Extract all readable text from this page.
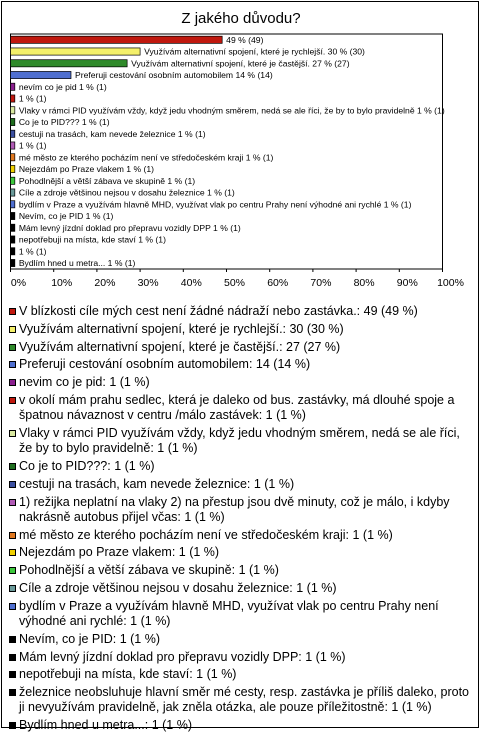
Z jakého důvodu?
49 % (49)
Využívám alternativní spojení, které je rychlejší. 30 % (30)
Využívám alternativní spojení, které je častější. 27 % (27)
Preferuji cestování osobním automobilem 14 % (14)
nevím co je pid 1 % (1)
1 % (1)
Vlaky v rámci PID využívám vždy, když jedu vhodným směrem, nedá se ale říci, že by to bylo pravidelně 1 % (1)
Co je to PID??? 1 % (1)
cestuji na trasách, kam nevede železnice 1 % (1)
1 % (1)
mé město ze kterého pocházím není ve středočeském kraji 1 % (1)
Nejezdám po Praze vlakem 1 % (1)
Pohodlnější a větší zábava ve skupině 1 % (1)
Cíle a zdroje většinou nejsou v dosahu železnice 1 % (1)
bydlím v Praze a využívám hlavně MHD, využívat vlak po centru Prahy není výhodné ani rychlé 1 % (1)
Nevím, co je PID 1 % (1)
Mám levný jízdní doklad pro přepravu vozidly DPP 1 % (1)
nepotřebuji na místa, kde staví 1 % (1)
1 % (1)
Bydlím hned u metra... 1 % (1)
0% 10% 20% 30% 40% 50% 60% 70% 80% 90% 100%
V blízkosti cíle mých cest není žádné nádraží nebo zastávka.: 49 (49 %)
Využívám alternativní spojení, které je rychlejší.: 30 (30 %)
Využívám alternativní spojení, které je častější.: 27 (27 %)
Preferuji cestování osobním automobilem: 14 (14 %)
nevim co je pid: 1 (1 %)
v okolí mám prahu sedlec, která je daleko od bus. zastávky, má dlouhé spoje a špatnou návaznost v centru /málo zastávek: 1 (1 %)
Vlaky v rámci PID využívám vždy, když jedu vhodným směrem, nedá se ale říci, že by to bylo pravidelně: 1 (1 %)
Co je to PID???: 1 (1 %)
cestuji na trasách, kam nevede železnice: 1 (1 %)
1) režijka neplatní na vlaky 2) na přestup jsou dvě minuty, což je málo, i kdyby nakrásně autobus přijel včas: 1 (1 %)
mé město ze kterého pocházím není ve středočeském kraji: 1 (1 %)
Nejezdám po Praze vlakem: 1 (1 %)
Pohodlnější a větší zábava ve skupině: 1 (1 %)
Cíle a zdroje většinou nejsou v dosahu železnice: 1 (1 %)
bydlím v Praze a využívám hlavně MHD, využívat vlak po centru Prahy není výhodné ani rychlé: 1 (1 %)
Nevím, co je PID: 1 (1 %)
Mám levný jízdní doklad pro přepravu vozidly DPP: 1 (1 %)
nepotřebuji na místa, kde staví: 1 (1 %)
železnice neobsluhuje hlavní směr mé cesty, resp. zastávka je příliš daleko, proto ji nevyužívám pravidelně, jak zněla otázka, ale pouze příležitostně: 1 (1 %)
Bydlím hned u metra...: 1 (1 %)
